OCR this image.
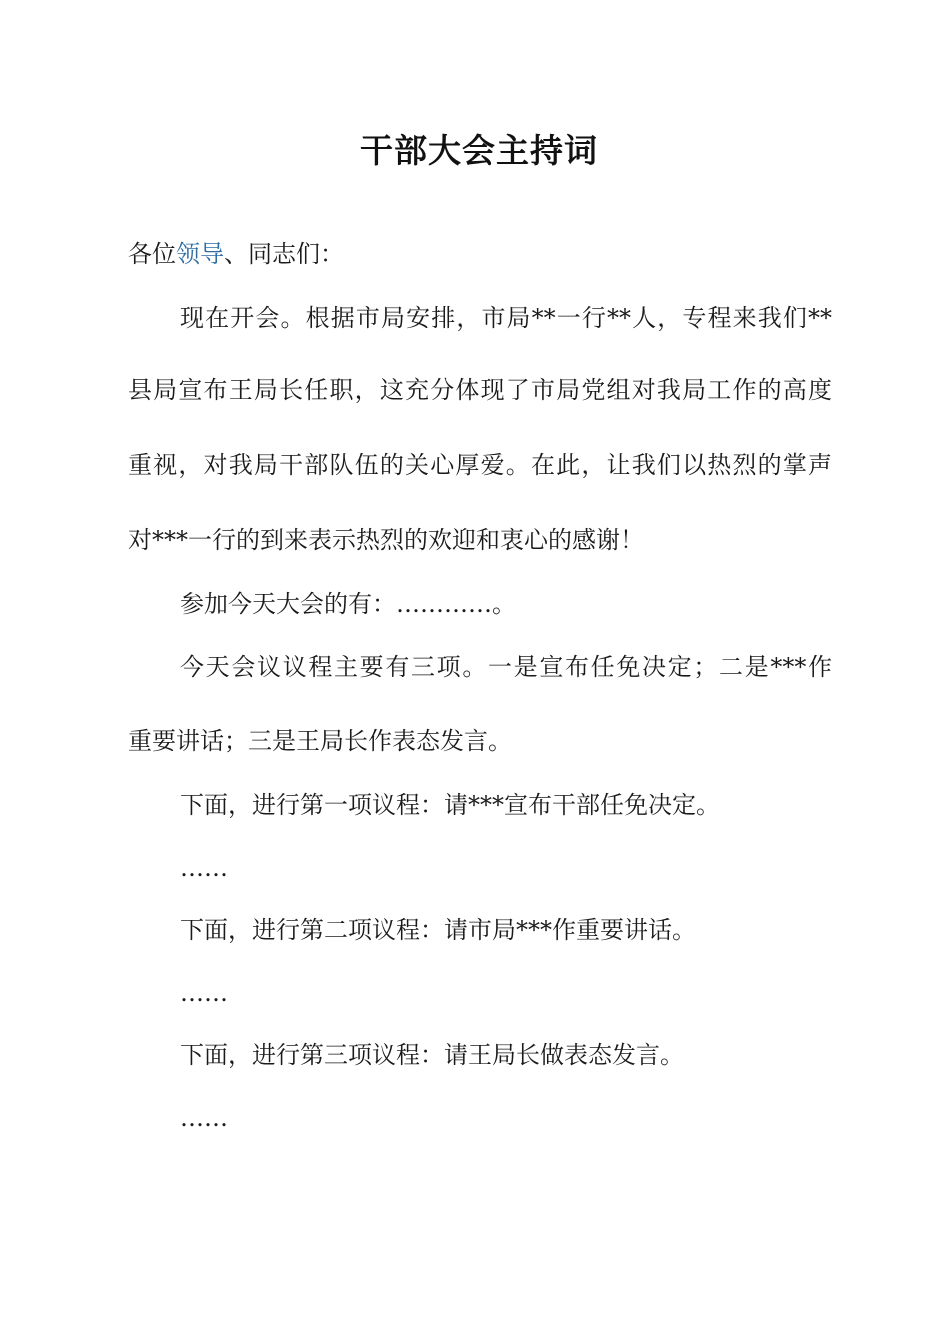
干部大会主持词
各位领导、同志们：
现在开会。根据市局安排，市局**一行**人，专程来我们**
县局宣布王局长任职，这充分体现了市局党组对我局工作的高度
重视，对我局干部队伍的关心厚爱。在此，让我们以热烈的掌声
对***一行的到来表示热烈的欢迎和衷心的感谢！
参加今天大会的有：…………。
今天会议议程主要有三项。一是宣布任免决定；二是***作
重要讲话；三是王局长作表态发言。
下面，进行第一项议程：请***宣布干部任免决定。
……
下面，进行第二项议程：请市局***作重要讲话。
……
下面，进行第三项议程：请王局长做表态发言。
……
